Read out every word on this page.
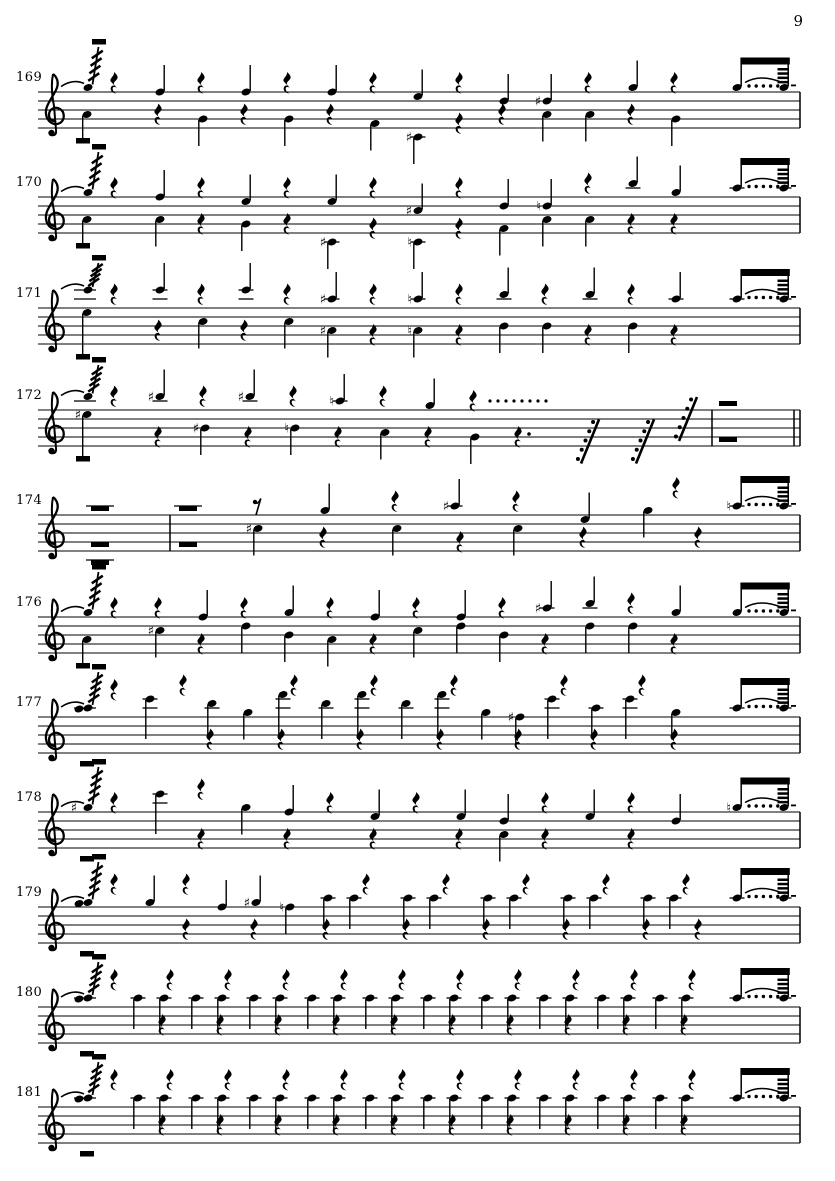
9
169
170
171
172
174
176
177
178
179
180
181
♯
♯
♯	♮
♯	♮
♯	♮
♯	♮
♯
♯	♯	♮
♯	♮
♯
♯	♮
♯
♯
♯
♯	♮
♯ ♮
